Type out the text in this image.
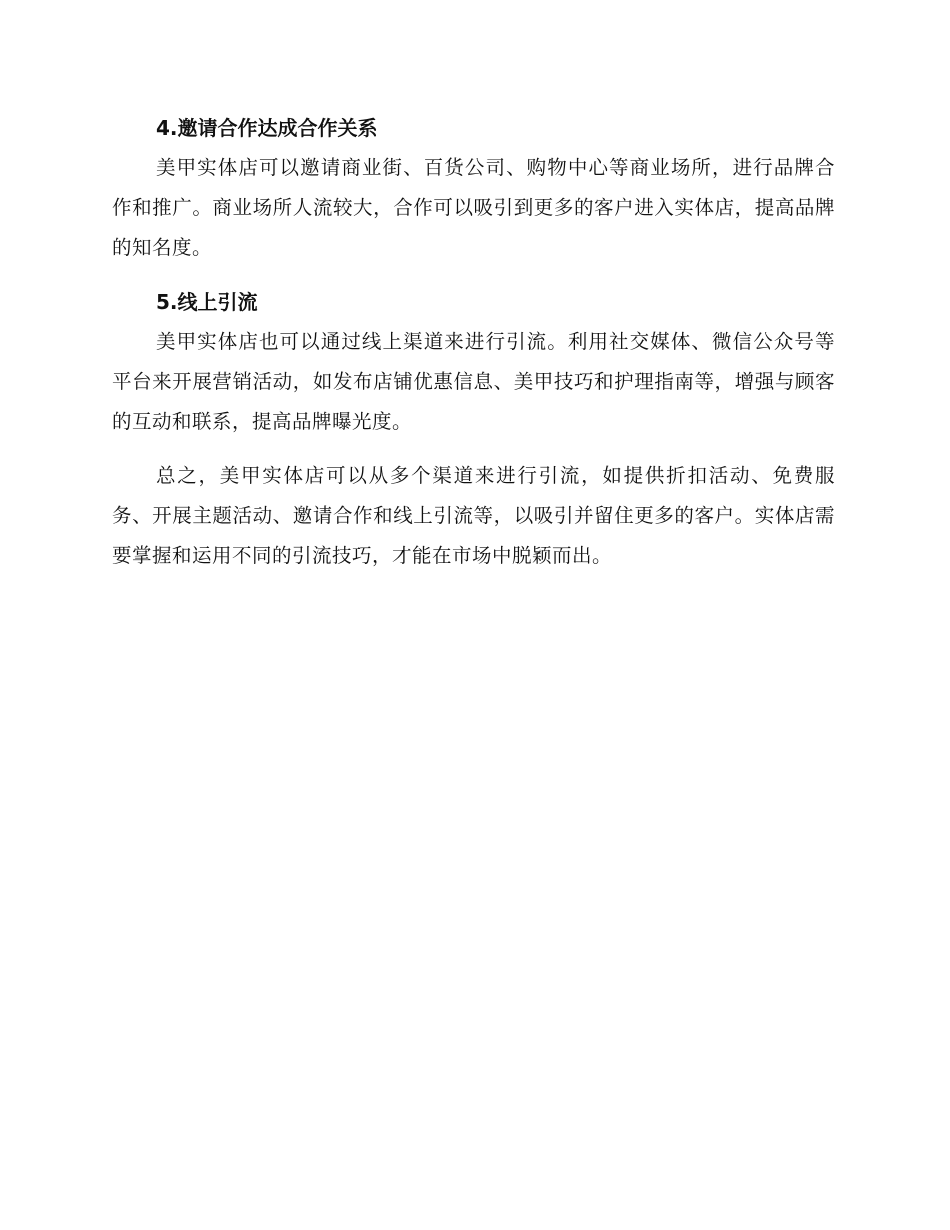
4.邀请合作达成合作关系

美甲实体店可以邀请商业街、百货公司、购物中心等商业场所，进行品牌合作和推广。商业场所人流较大，合作可以吸引到更多的客户进入实体店，提高品牌的知名度。

5.线上引流

美甲实体店也可以通过线上渠道来进行引流。利用社交媒体、微信公众号等平台来开展营销活动，如发布店铺优惠信息、美甲技巧和护理指南等，增强与顾客的互动和联系，提高品牌曝光度。

总之，美甲实体店可以从多个渠道来进行引流，如提供折扣活动、免费服务、开展主题活动、邀请合作和线上引流等，以吸引并留住更多的客户。实体店需要掌握和运用不同的引流技巧，才能在市场中脱颖而出。
